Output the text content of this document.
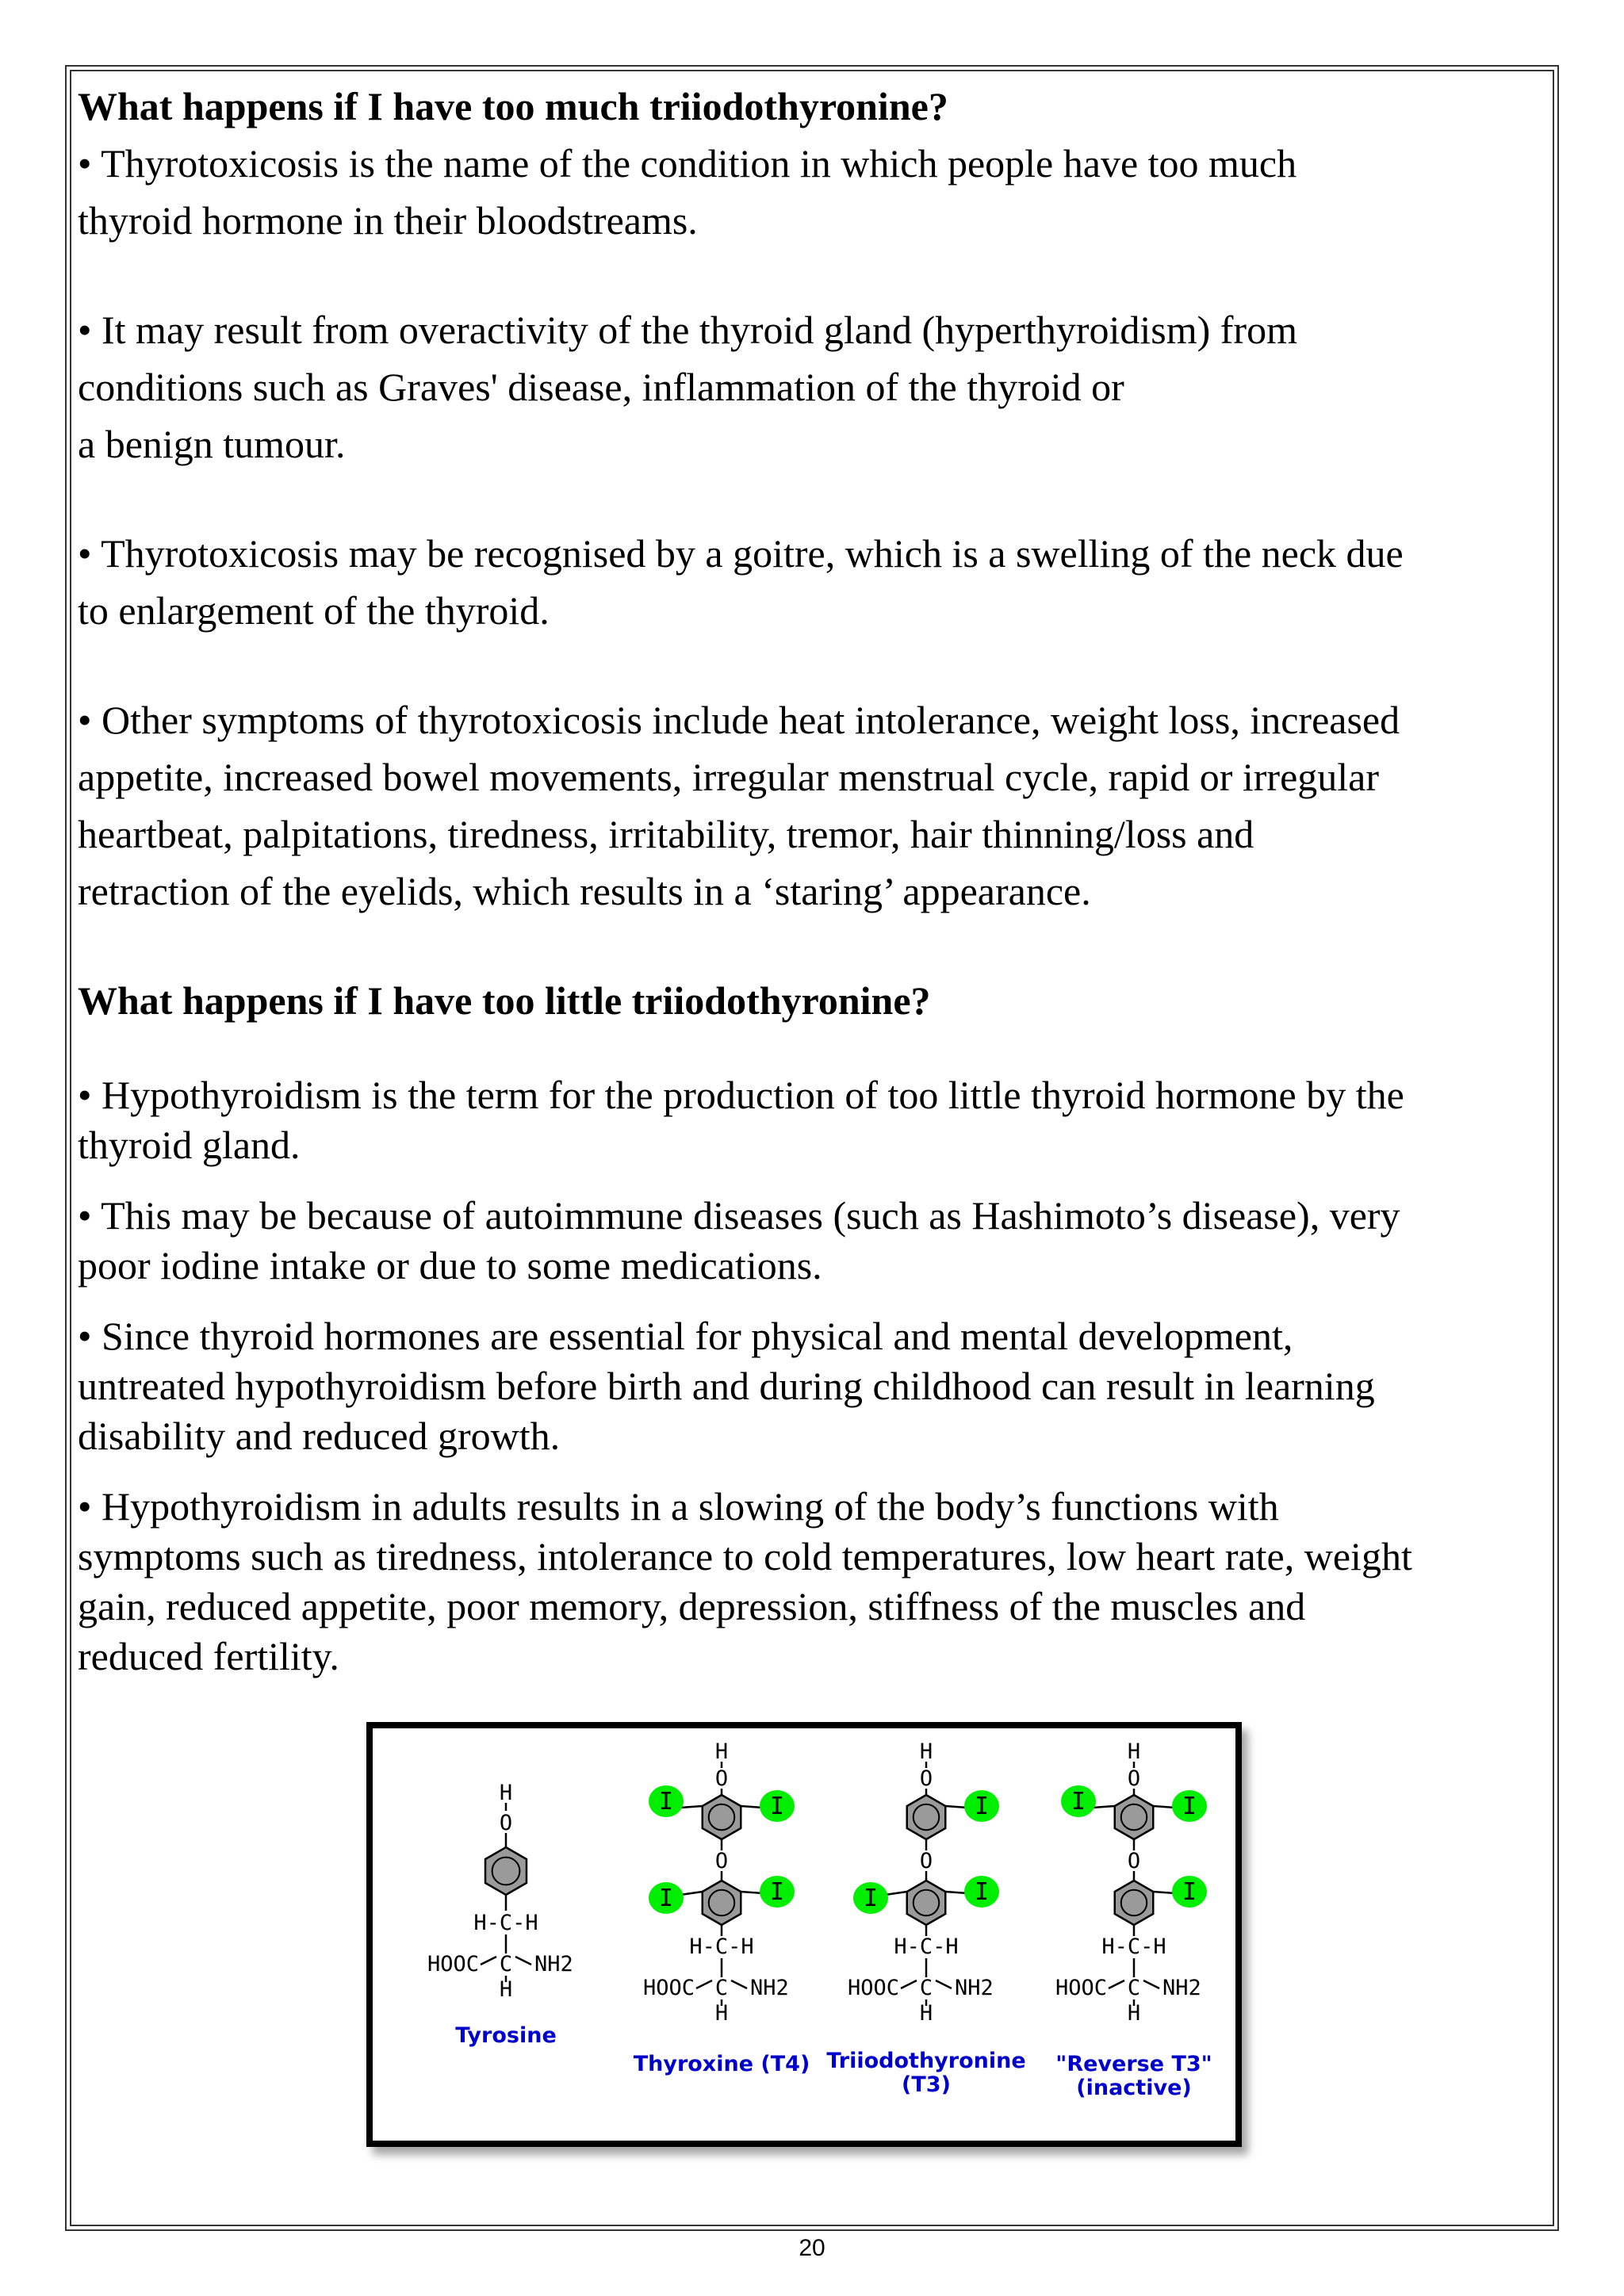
What happens if I have too much triiodothyronine?

• Thyrotoxicosis is the name of the condition in which people have too much
thyroid hormone in their bloodstreams.

• It may result from overactivity of the thyroid gland (hyperthyroidism) from
conditions such as Graves' disease, inflammation of the thyroid or
a benign tumour.

• Thyrotoxicosis may be recognised by a goitre, which is a swelling of the neck due
to enlargement of the thyroid.

• Other symptoms of thyrotoxicosis include heat intolerance, weight loss, increased
appetite, increased bowel movements, irregular menstrual cycle, rapid or irregular
heartbeat, palpitations, tiredness, irritability, tremor, hair thinning/loss and
retraction of the eyelids, which results in a ‘staring’ appearance.

What happens if I have too little triiodothyronine?

• Hypothyroidism is the term for the production of too little thyroid hormone by the
thyroid gland.

• This may be because of autoimmune diseases (such as Hashimoto’s disease), very
poor iodine intake or due to some medications.

• Since thyroid hormones are essential for physical and mental development,
untreated hypothyroidism before birth and during childhood can result in learning
disability and reduced growth.

• Hypothyroidism in adults results in a slowing of the body’s functions with
symptoms such as tiredness, intolerance to cold temperatures, low heart rate, weight
gain, reduced appetite, poor memory, depression, stiffness of the muscles and
reduced fertility.

H
O
H-C-H
C
HOOC	NH2
H
Tyrosine
H
O
I	I
O
I	I
H-C-H
C
HOOC	NH2
H
Thyroxine (T4)
H
O
I
O
I	I
H-C-H
C
HOOC	NH2
H
Triiodothyronine
(T3)
H
O
I	I
O
I
H-C-H
C
HOOC	NH2
H
"Reverse T3"
(inactive)
20
